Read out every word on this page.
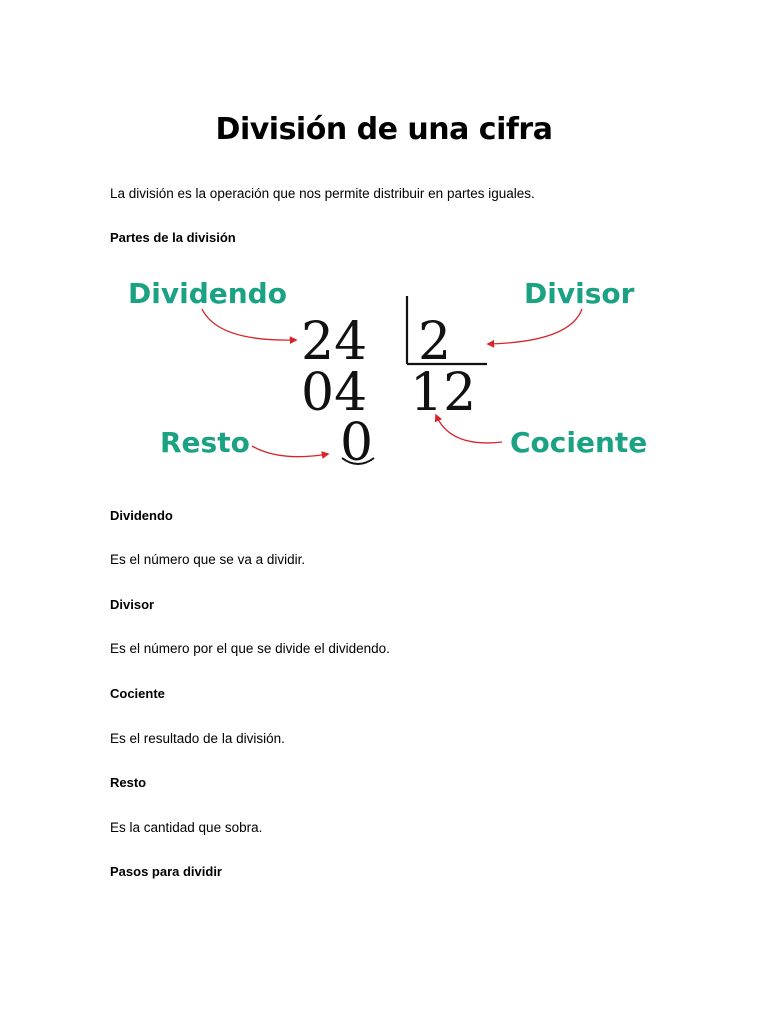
División de una cifra
La división es la operación que nos permite distribuir en partes iguales.
Partes de la división
Dividendo	Divisor
Resto	Cociente
24 2
04 12
0
Dividendo
Es el número que se va a dividir.
Divisor
Es el número por el que se divide el dividendo.
Cociente
Es el resultado de la división.
Resto
Es la cantidad que sobra.
Pasos para dividir
